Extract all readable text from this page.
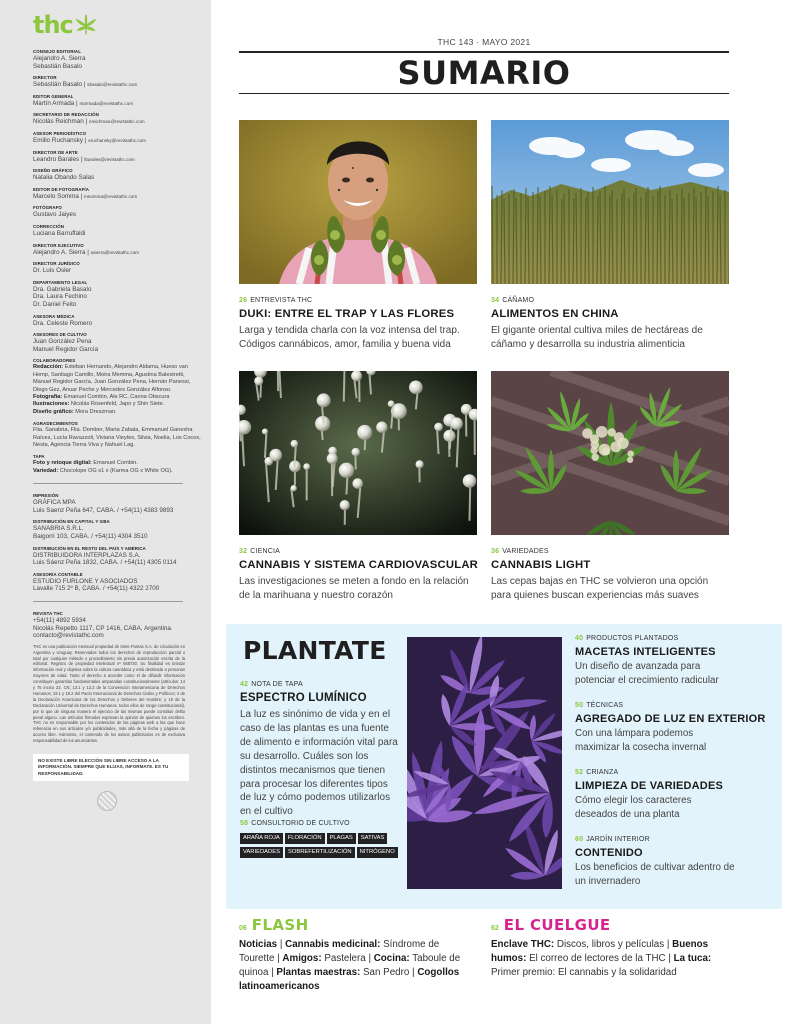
thc
CONSEJO EDITORIAL
Alejandro A. Sierra
Sebastián Basalo
DIRECTOR
Sebastián Basalo | sbasalo@revistathc.com
EDITOR GENERAL
Martín Armada | marmada@revistathc.com
SECRETARIO DE REDACCIÓN
Nicolás Reichman | nreichman@revistathc.com
ASESOR PERIODÍSTICO
Emilio Ruchansky | eruchansky@revistathc.com
DIRECTOR DE ARTE
Leandro Barales | lbarales@revistathc.com
DISEÑO GRÁFICO
Natalia Obando Salas
EDITOR DE FOTOGRAFÍA
Marcelo Somma | msomma@revistathc.com
FOTÓGRAFO
Gustavo Jaiyes
CORRECCIÓN
Luciana Barruffaldi
DIRECTOR EJECUTIVO
Alejandro A. Sierra | asierra@revistathc.com
DIRECTOR JURÍDICO
Dr. Luis Osler
DEPARTAMENTO LEGAL
Dra. Gabriela Basalo
Dra. Laura Fechino
Dr. Daniel Feito
ASESORA MÉDICA
Dra. Celeste Romero
ASESORES DE CULTIVO
Juan González Pena
Manuel Regidor García
COLABORADORES
Redacción: Esteban Hernando, Alejandro Aldama, Hueso van Hemp, Santiago Camillo, Moira Memma, Agustina Balestretti, Manuel Regidor García, Juan González Pena, Hernán Panessi, Diego Gez, Anuar Peche y Mercedes González Alfonso.
Fotografía: Emanuel Combin, Ale RC, Canna Obscura
Ilustraciones: Nicolás Rosenfeld, Japo y Shin Siete.
Diseño gráfico: Mora Dreszman.
AGRADECIMIENTOS
Flia. Sanabria, Flia. Domber, Marta Zabala, Emmanuel Ganesha Raíces, Lucía Ravazzoli, Viviana Vieytes, Silvia, Noelia, Los Cocos, Nesta, Agencia Tierra Viva y Nahuel Lag.
TAPA
Foto y retoque digital: Emanuel Combin.
Variedad: Chocolope OG s1 x (Karma OG x White OG).
IMPRESIÓN
GRÁFICA MPA
Luis Saenz Peña 647, CABA. / +54(11) 4383 9893
DISTRIBUCIÓN EN CAPITAL Y GBA
SANABRIA S.R.L.
Baigorri 103, CABA. / +54(11) 4304 3510
DISTRIBUCIÓN EN EL RESTO DEL PAÍS Y AMÉRICA
DISTRIBUIDORA INTERPLAZAS S.A.
Luis Sáenz Peña 1832, CABA. / +54(11) 4305 0114
ASESORÍA CONTABLE
ESTUDIO FURLONE Y ASOCIADOS
Lavalle 715 2º B, CABA. / +54(11) 4322 2700
REVISTA THC
+54(11) 4892 5934
Nicolás Repetto 1117, CP 1416, CABA, Argentina.
contacto@revistathc.com
THC es una publicación mensual propiedad de Siete Puntas S.A. de circulación en Argentina y Uruguay. Reservados todos los derechos de reproducción parcial o total por cualquier método o procedimiento sin previa autorización escrita de la editorial. Registro de propiedad intelectual nº 568730. Su finalidad es brindar información real y objetiva sobre la cultura cannábica y está destinada a personas mayores de edad. Tanto el derecho a acceder como el de difundir información constituyen garantías fundamentales amparadas constitucionalmente (artículos: 14 y 75 inciso 22. CN; 13.1 y 13.2 de la Convención Interamericana de Derechos Humanos; 19.1 y 19.2 del Pacto Internacional de Derechos Civiles y Políticos; 4 de la Declaración Americana de los Derechos y Deberes del Hombre; y 19 de la Declaración Universal de Derechos Humanos, todos ellos de rango constitucional), por lo que de ninguna manera el ejercicio de las mismas puede constituir delito penal alguno. Las artículos firmados expresan la opinión de quienes los escriben. THC no es responsable por los contenidos de las páginas web a las que hace referencia en sus artículos y/o publicidades, más allá de la fecha y páginas de acceso libre. Asimismo, el contenido de los avisos publicitarios es de exclusiva responsabilidad de los anunciantes.
NO EXISTE LIBRE ELECCIÓN SIN LIBRE ACCESO A LA INFORMACIÓN. SIEMPRE QUE ELIJAS, INFORMATE. ES TU RESPONSABILIDAD.
THC 143 · MAYO 2021
SUMARIO
26 ENTREVISTA THC
DUKI: ENTRE EL TRAP Y LAS FLORES
Larga y tendida charla con la voz intensa del trap. Códigos cannábicos, amor, familia y buena vida
34 CÁÑAMO
ALIMENTOS EN CHINA
El gigante oriental cultiva miles de hectáreas de cáñamo y desarrolla su industria alimenticia
32 CIENCIA
CANNABIS Y SISTEMA CARDIOVASCULAR
Las investigaciones se meten a fondo en la relación de la marihuana y nuestro corazón
36 VARIEDADES
CANNABIS LIGHT
Las cepas bajas en THC se volvieron una opción para quienes buscan experiencias más suaves
PLANTATE
42 NOTA DE TAPA
ESPECTRO LUMÍNICO
La luz es sinónimo de vida y en el caso de las plantas es una fuente de alimento e información vital para su desarrollo. Cuáles son los distintos mecanismos que tienen para procesar los diferentes tipos de luz y cómo podemos utilizarlos en el cultivo
58 CONSULTORIO DE CULTIVO
ARAÑA ROJA	FLORACIÓN	PLAGAS	SATIVAS
VARIEDADES	SOBREFERTILIZACIÓN	NITRÓGENO
40 PRODUCTOS PLANTADOS
MACETAS INTELIGENTES
Un diseño de avanzada para potenciar el crecimiento radicular
50 TÉCNICAS
AGREGADO DE LUZ EN EXTERIOR
Con una lámpara podemos maximizar la cosecha invernal
52 CRIANZA
LIMPIEZA DE VARIEDADES
Cómo elegir los caracteres deseados de una planta
60 JARDÍN INTERIOR
CONTENIDO
Los beneficios de cultivar adentro de un invernadero
06 FLASH
Noticias | Cannabis medicinal: Síndrome de Tourette | Amigos: Pastelera | Cocina: Taboule de quinoa | Plantas maestras: San Pedro | Cogollos latinoamericanos
62 EL CUELGUE
Enclave THC: Discos, libros y películas | Buenos humos: El correo de lectores de la THC | La tuca: Primer premio: El cannabis y la solidaridad
